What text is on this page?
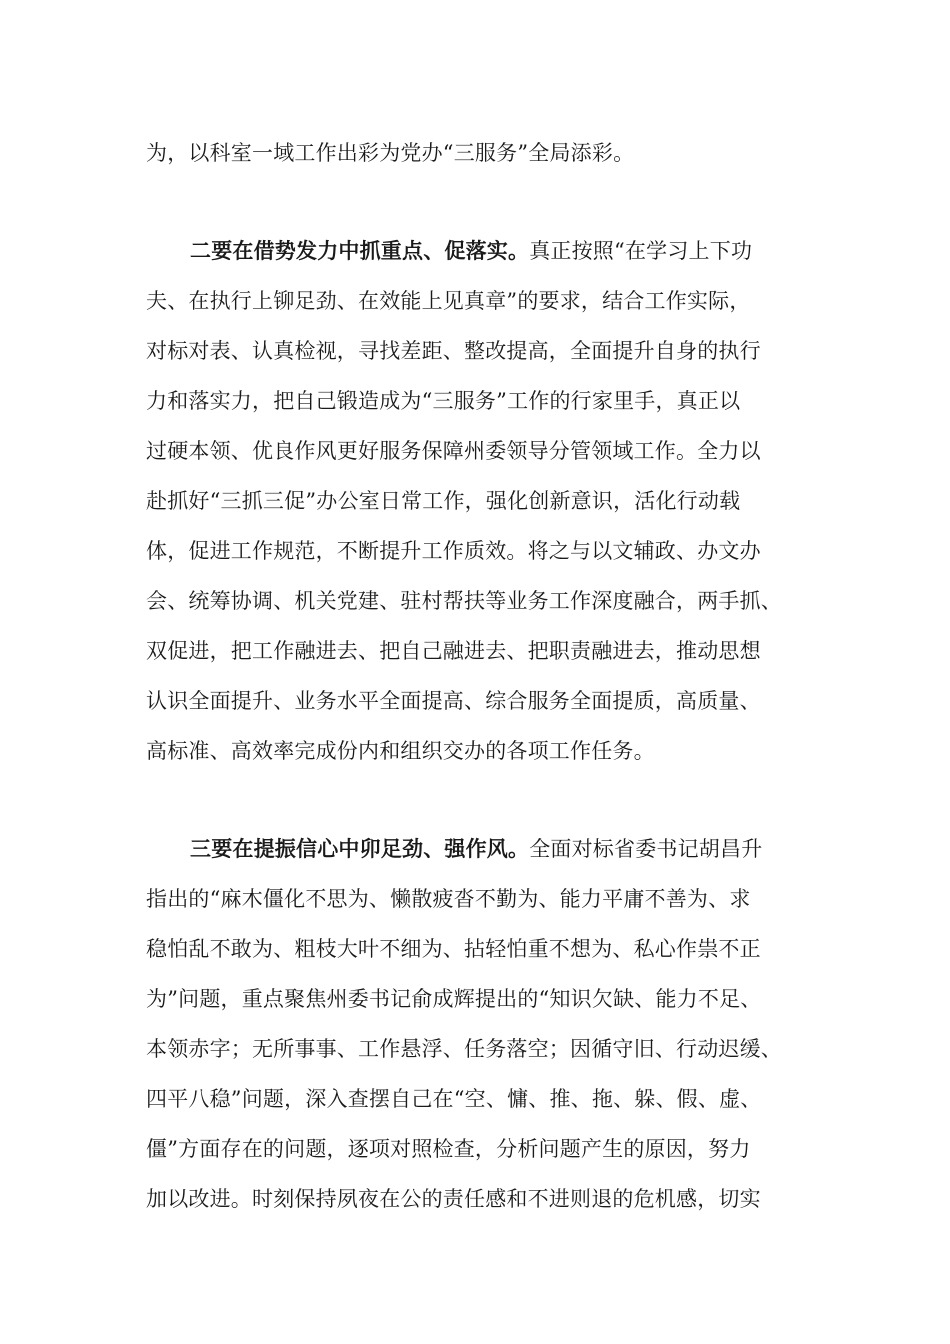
为，以科室一域工作出彩为党办“三服务”全局添彩。
二要在借势发力中抓重点、促落实。真正按照“在学习上下功
夫、在执行上铆足劲、在效能上见真章”的要求，结合工作实际，
对标对表、认真检视，寻找差距、整改提高，全面提升自身的执行
力和落实力，把自己锻造成为“三服务”工作的行家里手，真正以
过硬本领、优良作风更好服务保障州委领导分管领域工作。全力以
赴抓好“三抓三促”办公室日常工作，强化创新意识，活化行动载
体，促进工作规范，不断提升工作质效。将之与以文辅政、办文办
会、统筹协调、机关党建、驻村帮扶等业务工作深度融合，两手抓、
双促进，把工作融进去、把自己融进去、把职责融进去，推动思想
认识全面提升、业务水平全面提高、综合服务全面提质，高质量、
高标准、高效率完成份内和组织交办的各项工作任务。
三要在提振信心中卯足劲、强作风。全面对标省委书记胡昌升
指出的“麻木僵化不思为、懒散疲沓不勤为、能力平庸不善为、求
稳怕乱不敢为、粗枝大叶不细为、拈轻怕重不想为、私心作祟不正
为”问题，重点聚焦州委书记俞成辉提出的“知识欠缺、能力不足、
本领赤字；无所事事、工作悬浮、任务落空；因循守旧、行动迟缓、
四平八稳”问题，深入查摆自己在“空、慵、推、拖、躲、假、虚、
僵”方面存在的问题，逐项对照检查，分析问题产生的原因，努力
加以改进。时刻保持夙夜在公的责任感和不进则退的危机感，切实
